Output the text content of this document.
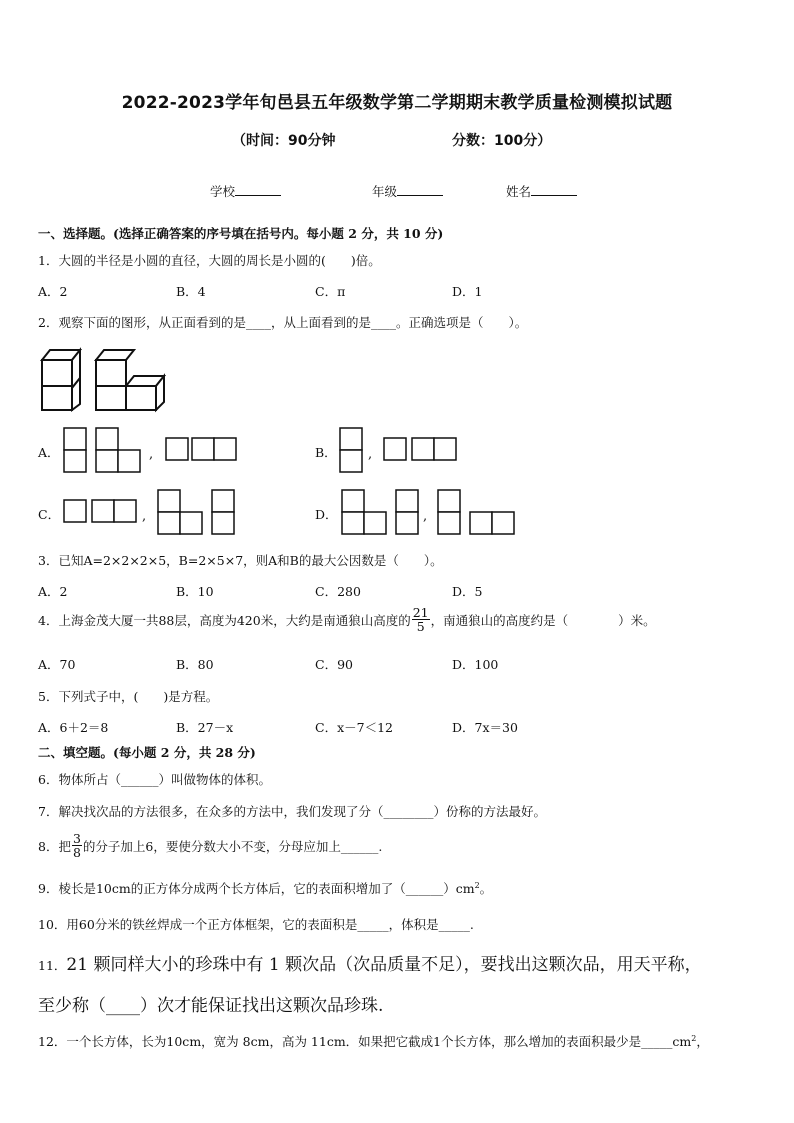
2022-2023学年旬邑县五年级数学第二学期期末教学质量检测模拟试题
（时间：90分钟	分数：100分）
学校	年级	姓名
一、选择题。(选择正确答案的序号填在括号内。每小题 2 分，共 10 分)
1．大圆的半径是小圆的直径，大圆的周长是小圆的(　　)倍。
A．2	B．4	C．π	D．1
2．观察下面的图形，从正面看到的是____，从上面看到的是____。正确选项是（　　）。
A．	,	B． ,
C．	,	D．	,
3．已知A=2×2×2×5，B=2×5×7，则A和B的最大公因数是（　　）。
A．2	B．10	C．280	D．5
4．上海金茂大厦一共88层，高度为420米，大约是南通狼山高度的
21
5 ，南通狼山的高度约是（　　　　）米。
A．70	B．80	C．90	D．100
5．下列式子中，(　　)是方程。
A．6＋2＝8	B．27－x	C．x－7＜12	D．7x＝30
二、填空题。(每小题 2 分，共 28 分)
6．物体所占（______）叫做物体的体积。
7．解决找次品的方法很多，在众多的方法中，我们发现了分（________）份称的方法最好。
8．把
3
8 的分子加上6，要使分数大小不变，分母应加上______.
9．棱长是10cm的正方体分成两个长方体后，它的表面积增加了$(\_\_\_\_\_\_)cm^2$。
10．用60分米的铁丝焊成一个正方体框架，它的表面积是_____，体积是_____.
11．21 颗同样大小的珍珠中有 1 颗次品（次品质量不足），要找出这颗次品，用天平称，
至少称（____）次才能保证找出这颗次品珍珠.
12．一个长方体，长为10cm，宽为 8cm，高为 11cm．如果把它截成1个长方体，那么增加的表面积最少是$\_\_\_\_\_cm^2$，
